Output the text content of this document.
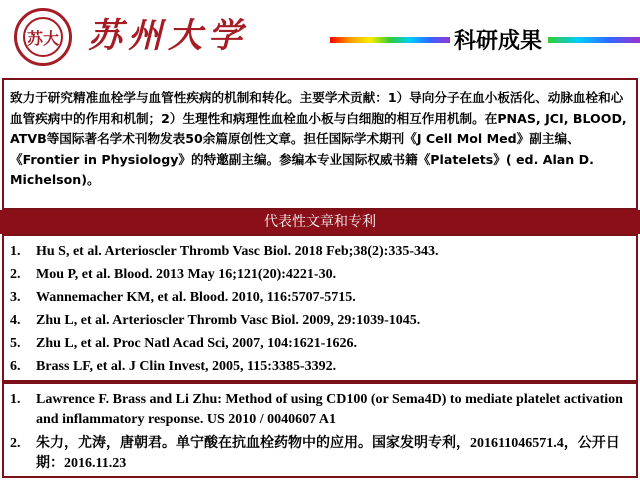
苏大 苏州大学	科研成果

致力于研究精准血栓学与血管性疾病的机制和转化。主要学术贡献：1）导向分子在血小板活化、动脉血栓和心血管疾病中的作用和机制；2）生理性和病理性血栓血小板与白细胞的相互作用机制。在PNAS, JCI, BLOOD, ATVB等国际著名学术刊物发表50余篇原创性文章。担任国际学术期刊《J Cell Mol Med》副主编、《Frontier in Physiology》的特邀副主编。参编本专业国际权威书籍《Platelets》( ed. Alan D. Michelson)。

代表性文章和专利
1.	Hu S, et al. Arterioscler Thromb Vasc Biol. 2018 Feb;38(2):335-343.
2.	Mou P, et al. Blood. 2013 May 16;121(20):4221-30.
3.	Wannemacher KM, et al. Blood. 2010, 116:5707-5715.
4.	Zhu L, et al. Arterioscler Thromb Vasc Biol. 2009, 29:1039-1045.
5.	Zhu L, et al. Proc Natl Acad Sci, 2007, 104:1621-1626.
6.	Brass LF, et al. J Clin Invest, 2005, 115:3385-3392.
1.	Lawrence F. Brass and Li Zhu: Method of using CD100 (or Sema4D) to mediate platelet activation and inflammatory response. US 2010 / 0040607 A1
2.	朱力，尤涛，唐朝君。单宁酸在抗血栓药物中的应用。国家发明专利，201611046571.4，公开日期：2016.11.23
